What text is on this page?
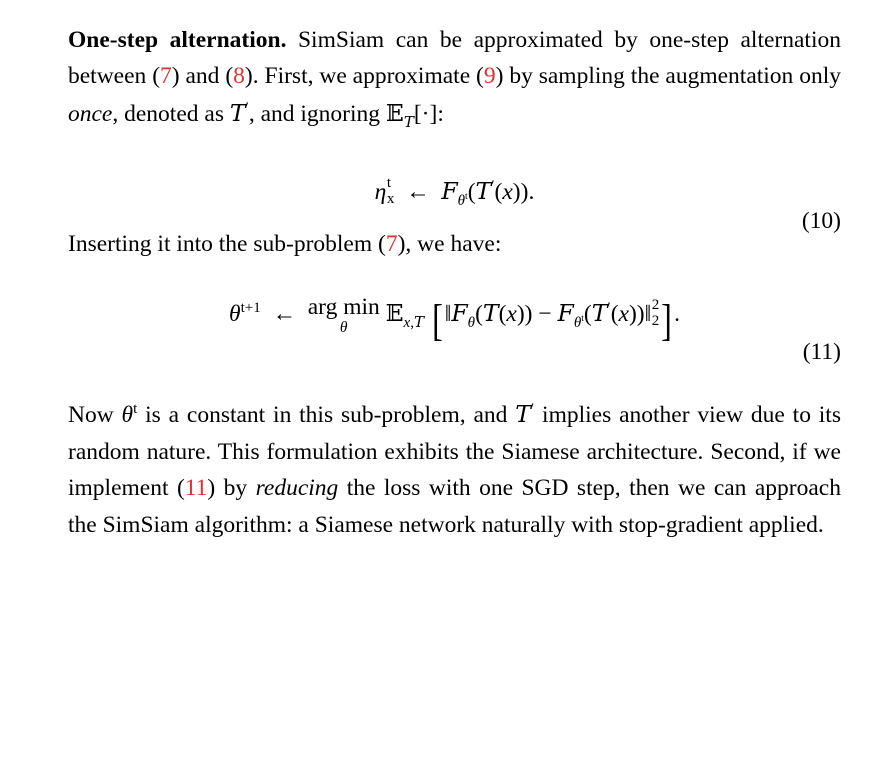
One-step alternation. SimSiam can be approximated by one-step alternation between (7) and (8). First, we approximate (9) by sampling the augmentation only once, denoted as T′, and ignoring 𝔼$_T$[·]:

η t
x ←  $F_{\theta^t}(T'(x))$.
(10)

Inserting it into the sub-problem (7), we have:

$\theta^{t+1}$  ← arg min
θ
𝔼$_{x,T}$ [‖ $F_\theta(T(x))$ − $F_{\theta^t}(T'(x))‖$ 2
2 ].
(11)

Now $\theta^t$ is a constant in this sub-problem, and T′ implies another view due to its random nature. This formulation exhibits the Siamese architecture. Second, if we implement (11) by reducing the loss with one SGD step, then we can approach the SimSiam algorithm: a Siamese network naturally with stop-gradient applied.
